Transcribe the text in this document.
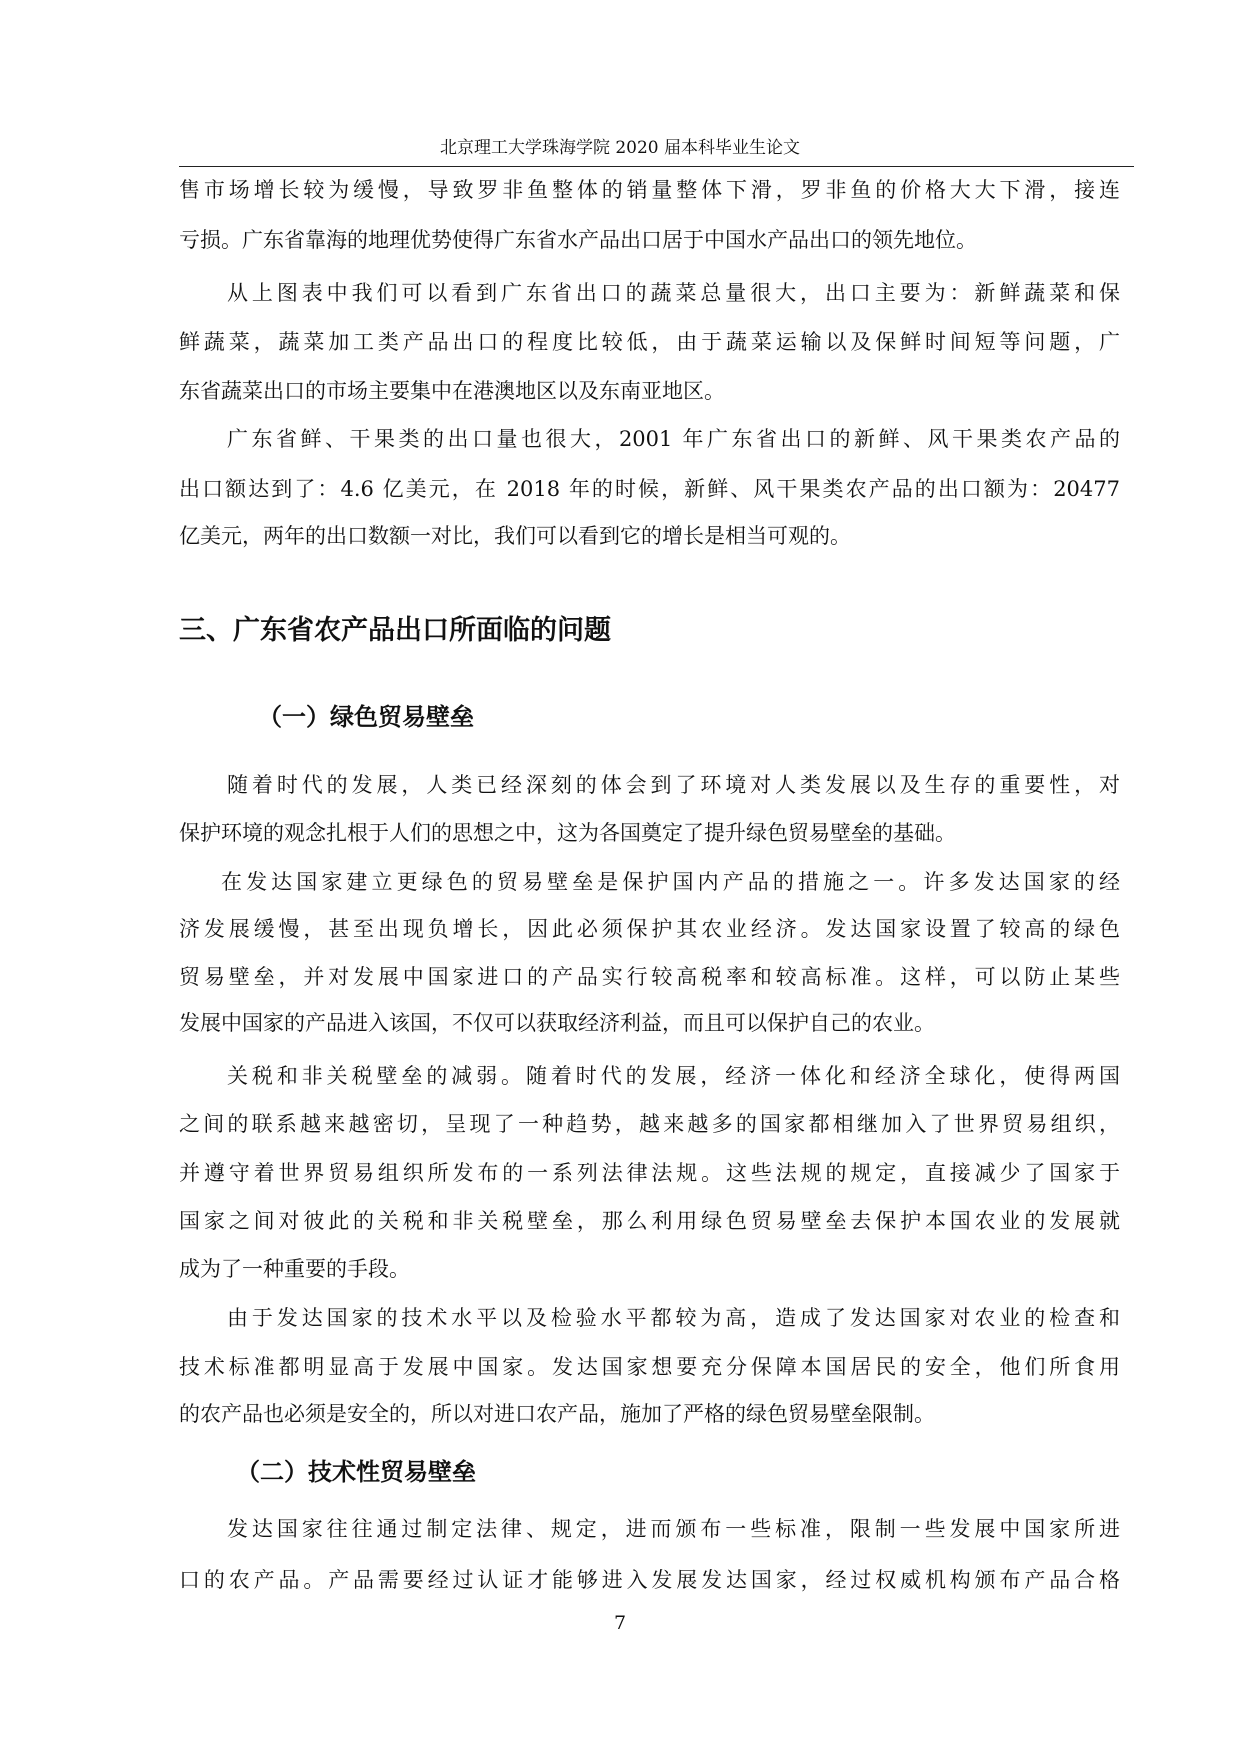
北京理工大学珠海学院 2020 届本科毕业生论文
售市场增长较为缓慢，导致罗非鱼整体的销量整体下滑，罗非鱼的价格大大下滑，接连
亏损。广东省靠海的地理优势使得广东省水产品出口居于中国水产品出口的领先地位。
从上图表中我们可以看到广东省出口的蔬菜总量很大，出口主要为：新鲜蔬菜和保
鲜蔬菜，蔬菜加工类产品出口的程度比较低，由于蔬菜运输以及保鲜时间短等问题，广
东省蔬菜出口的市场主要集中在港澳地区以及东南亚地区。
广东省鲜、干果类的出口量也很大，2001 年广东省出口的新鲜、风干果类农产品的
出口额达到了：4.6 亿美元，在 2018 年的时候，新鲜、风干果类农产品的出口额为：20477
亿美元，两年的出口数额一对比，我们可以看到它的增长是相当可观的。
三、广东省农产品出口所面临的问题
（一）绿色贸易壁垒
随着时代的发展，人类已经深刻的体会到了环境对人类发展以及生存的重要性，对
保护环境的观念扎根于人们的思想之中，这为各国奠定了提升绿色贸易壁垒的基础。
在发达国家建立更绿色的贸易壁垒是保护国内产品的措施之一。许多发达国家的经
济发展缓慢，甚至出现负增长，因此必须保护其农业经济。发达国家设置了较高的绿色
贸易壁垒，并对发展中国家进口的产品实行较高税率和较高标准。这样，可以防止某些
发展中国家的产品进入该国，不仅可以获取经济利益，而且可以保护自己的农业。
关税和非关税壁垒的减弱。随着时代的发展，经济一体化和经济全球化，使得两国
之间的联系越来越密切，呈现了一种趋势，越来越多的国家都相继加入了世界贸易组织，
并遵守着世界贸易组织所发布的一系列法律法规。这些法规的规定，直接减少了国家于
国家之间对彼此的关税和非关税壁垒，那么利用绿色贸易壁垒去保护本国农业的发展就
成为了一种重要的手段。
由于发达国家的技术水平以及检验水平都较为高，造成了发达国家对农业的检查和
技术标准都明显高于发展中国家。发达国家想要充分保障本国居民的安全，他们所食用
的农产品也必须是安全的，所以对进口农产品，施加了严格的绿色贸易壁垒限制。
（二）技术性贸易壁垒
发达国家往往通过制定法律、规定，进而颁布一些标准，限制一些发展中国家所进
口的农产品。产品需要经过认证才能够进入发展发达国家，经过权威机构颁布产品合格
7
